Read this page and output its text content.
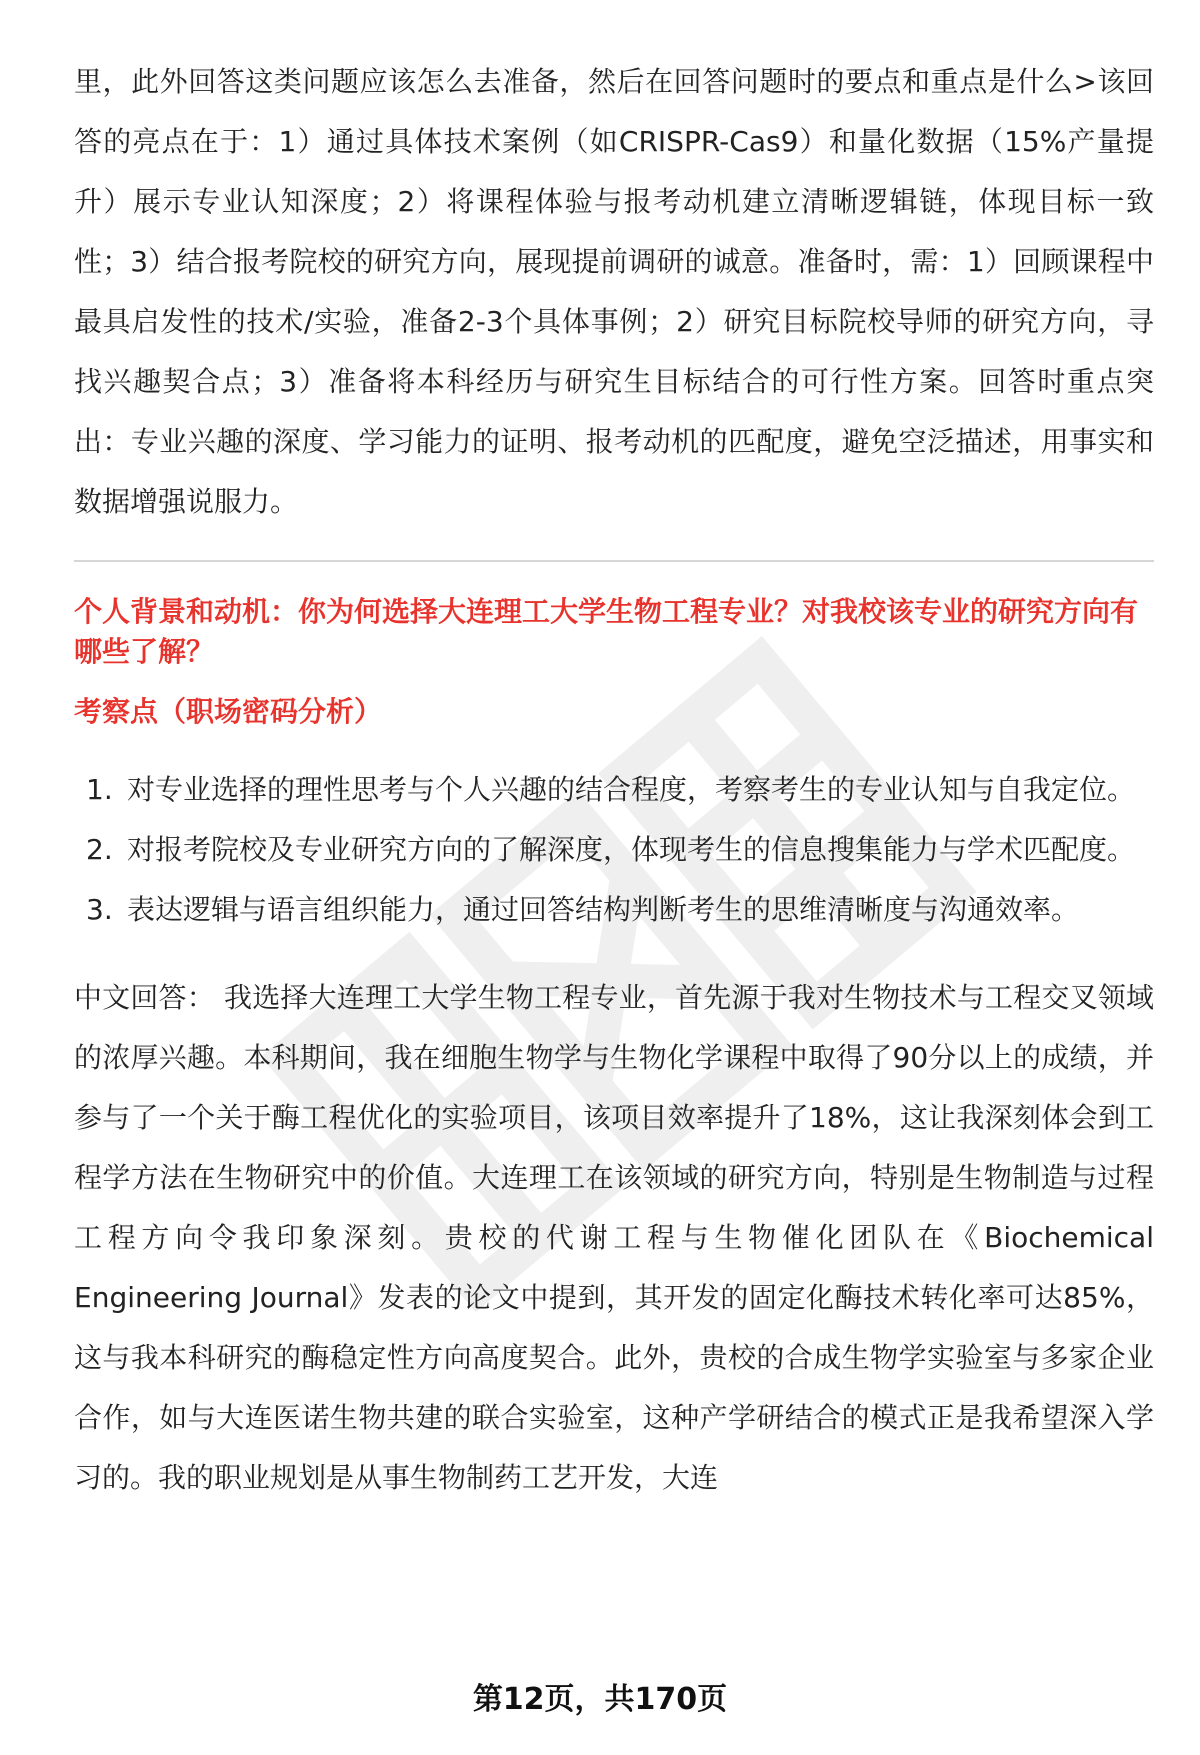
里，此外回答这类问题应该怎么去准备，然后在回答问题时的要点和重点是什么>该回答的亮点在于：1）通过具体技术案例（如CRISPR-Cas9）和量化数据（15%产量提升）展示专业认知深度；2）将课程体验与报考动机建立清晰逻辑链，体现目标一致性；3）结合报考院校的研究方向，展现提前调研的诚意。准备时，需：1）回顾课程中最具启发性的技术/实验，准备2-3个具体事例；2）研究目标院校导师的研究方向，寻找兴趣契合点；3）准备将本科经历与研究生目标结合的可行性方案。回答时重点突出：专业兴趣的深度、学习能力的证明、报考动机的匹配度，避免空泛描述，用事实和数据增强说服力。

个人背景和动机：你为何选择大连理工大学生物工程专业？对我校该专业的研究方向有哪些了解？
考察点（职场密码分析）
1. 对专业选择的理性思考与个人兴趣的结合程度，考察考生的专业认知与自我定位。
2. 对报考院校及专业研究方向的了解深度，体现考生的信息搜集能力与学术匹配度。
3. 表达逻辑与语言组织能力，通过回答结构判断考生的思维清晰度与沟通效率。

中文回答： 我选择大连理工大学生物工程专业，首先源于我对生物技术与工程交叉领域的浓厚兴趣。本科期间，我在细胞生物学与生物化学课程中取得了90分以上的成绩，并参与了一个关于酶工程优化的实验项目，该项目效率提升了18%，这让我深刻体会到工程学方法在生物研究中的价值。大连理工在该领域的研究方向，特别是生物制造与过程工程方向令我印象深刻。贵校的代谢工程与生物催化团队在《Biochemical Engineering Journal》发表的论文中提到，其开发的固定化酶技术转化率可达85%，这与我本科研究的酶稳定性方向高度契合。此外，贵校的合成生物学实验室与多家企业合作，如与大连医诺生物共建的联合实验室，这种产学研结合的模式正是我希望深入学习的。我的职业规划是从事生物制药工艺开发，大连

第12页，共170页
